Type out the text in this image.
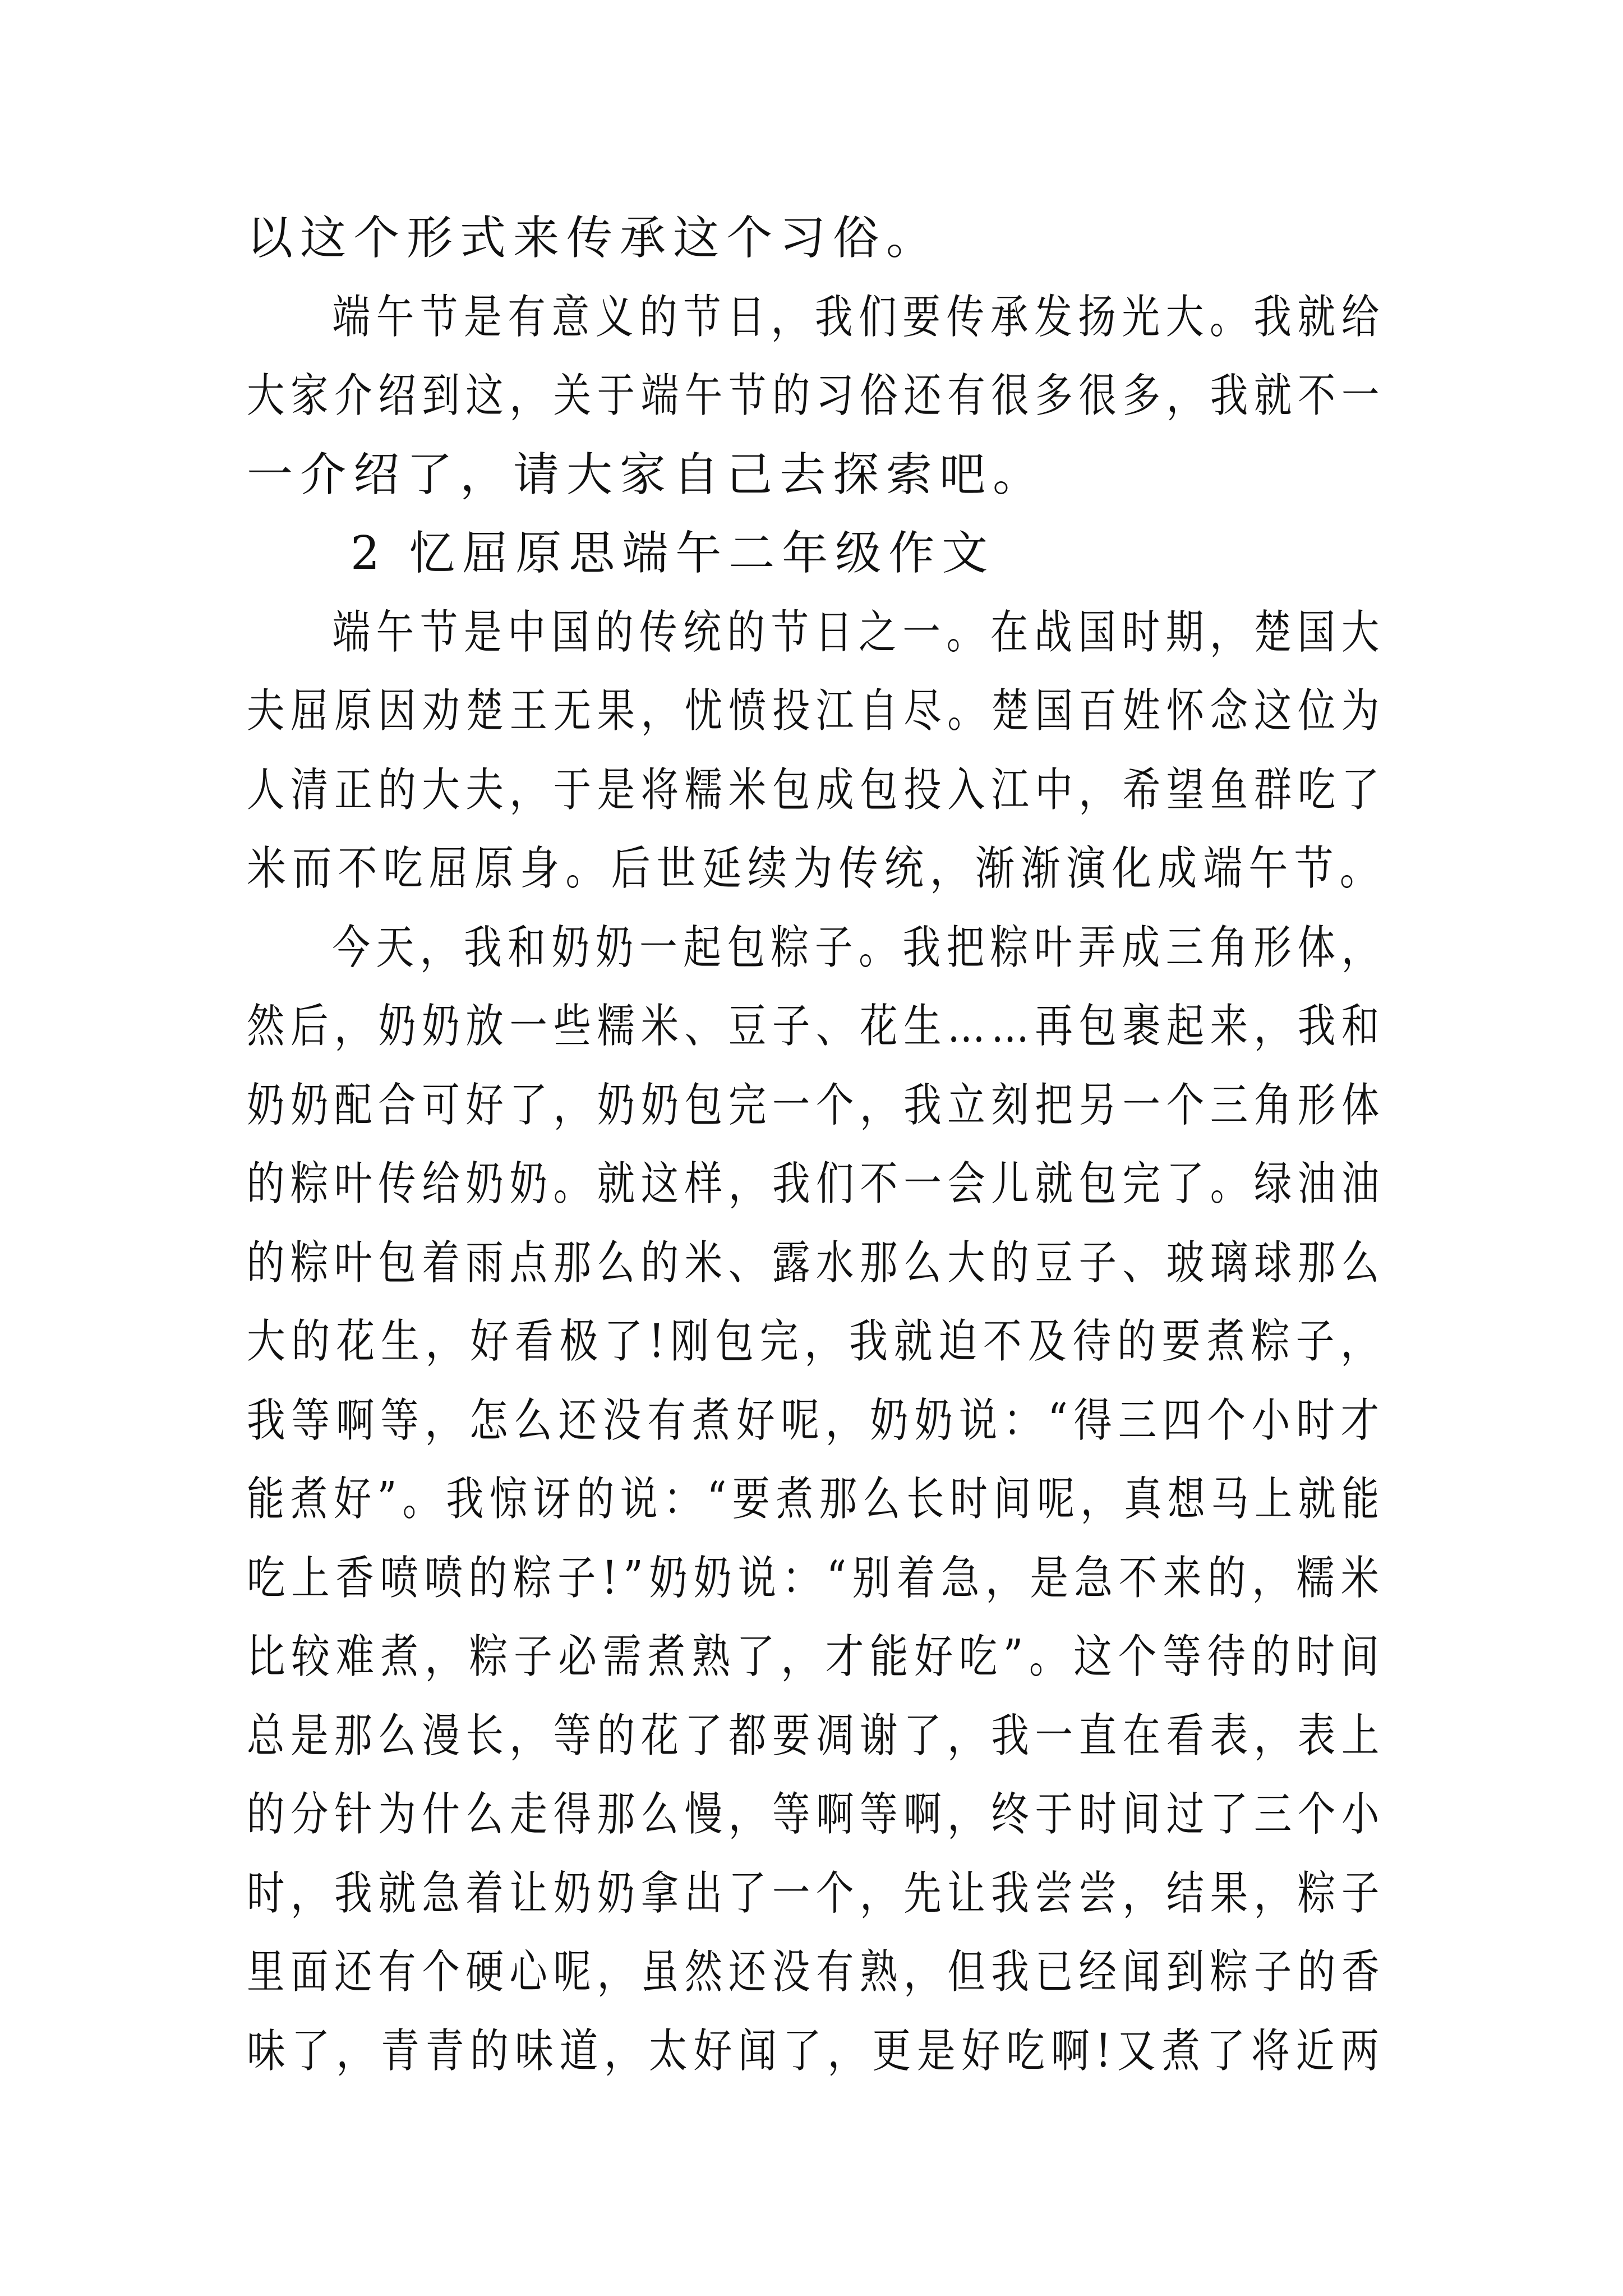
以这个形式来传承这个习俗。
端午节是有意义的节日，我们要传承发扬光大。我就给
大家介绍到这，关于端午节的习俗还有很多很多，我就不一
一介绍了，请大家自己去探索吧。
2 忆屈原思端午二年级作文
端午节是中国的传统的节日之一。在战国时期，楚国大
夫屈原因劝楚王无果，忧愤投江自尽。楚国百姓怀念这位为
人清正的大夫，于是将糯米包成包投入江中，希望鱼群吃了
米而不吃屈原身。后世延续为传统，渐渐演化成端午节。
今天，我和奶奶一起包粽子。我把粽叶弄成三角形体，
然后，奶奶放一些糯米、豆子、花生……再包裹起来，我和
奶奶配合可好了，奶奶包完一个，我立刻把另一个三角形体
的粽叶传给奶奶。就这样，我们不一会儿就包完了。绿油油
的粽叶包着雨点那么的米、露水那么大的豆子、玻璃球那么
大的花生，好看极了!刚包完，我就迫不及待的要煮粽子，
我等啊等，怎么还没有煮好呢，奶奶说：“得三四个小时才
能煮好”。我惊讶的说：“要煮那么长时间呢，真想马上就能
吃上香喷喷的粽子!”奶奶说：“别着急，是急不来的，糯米
比较难煮，粽子必需煮熟了，才能好吃”。这个等待的时间
总是那么漫长，等的花了都要凋谢了，我一直在看表，表上
的分针为什么走得那么慢，等啊等啊，终于时间过了三个小
时，我就急着让奶奶拿出了一个，先让我尝尝，结果，粽子
里面还有个硬心呢，虽然还没有熟，但我已经闻到粽子的香
味了，青青的味道，太好闻了，更是好吃啊!又煮了将近两
